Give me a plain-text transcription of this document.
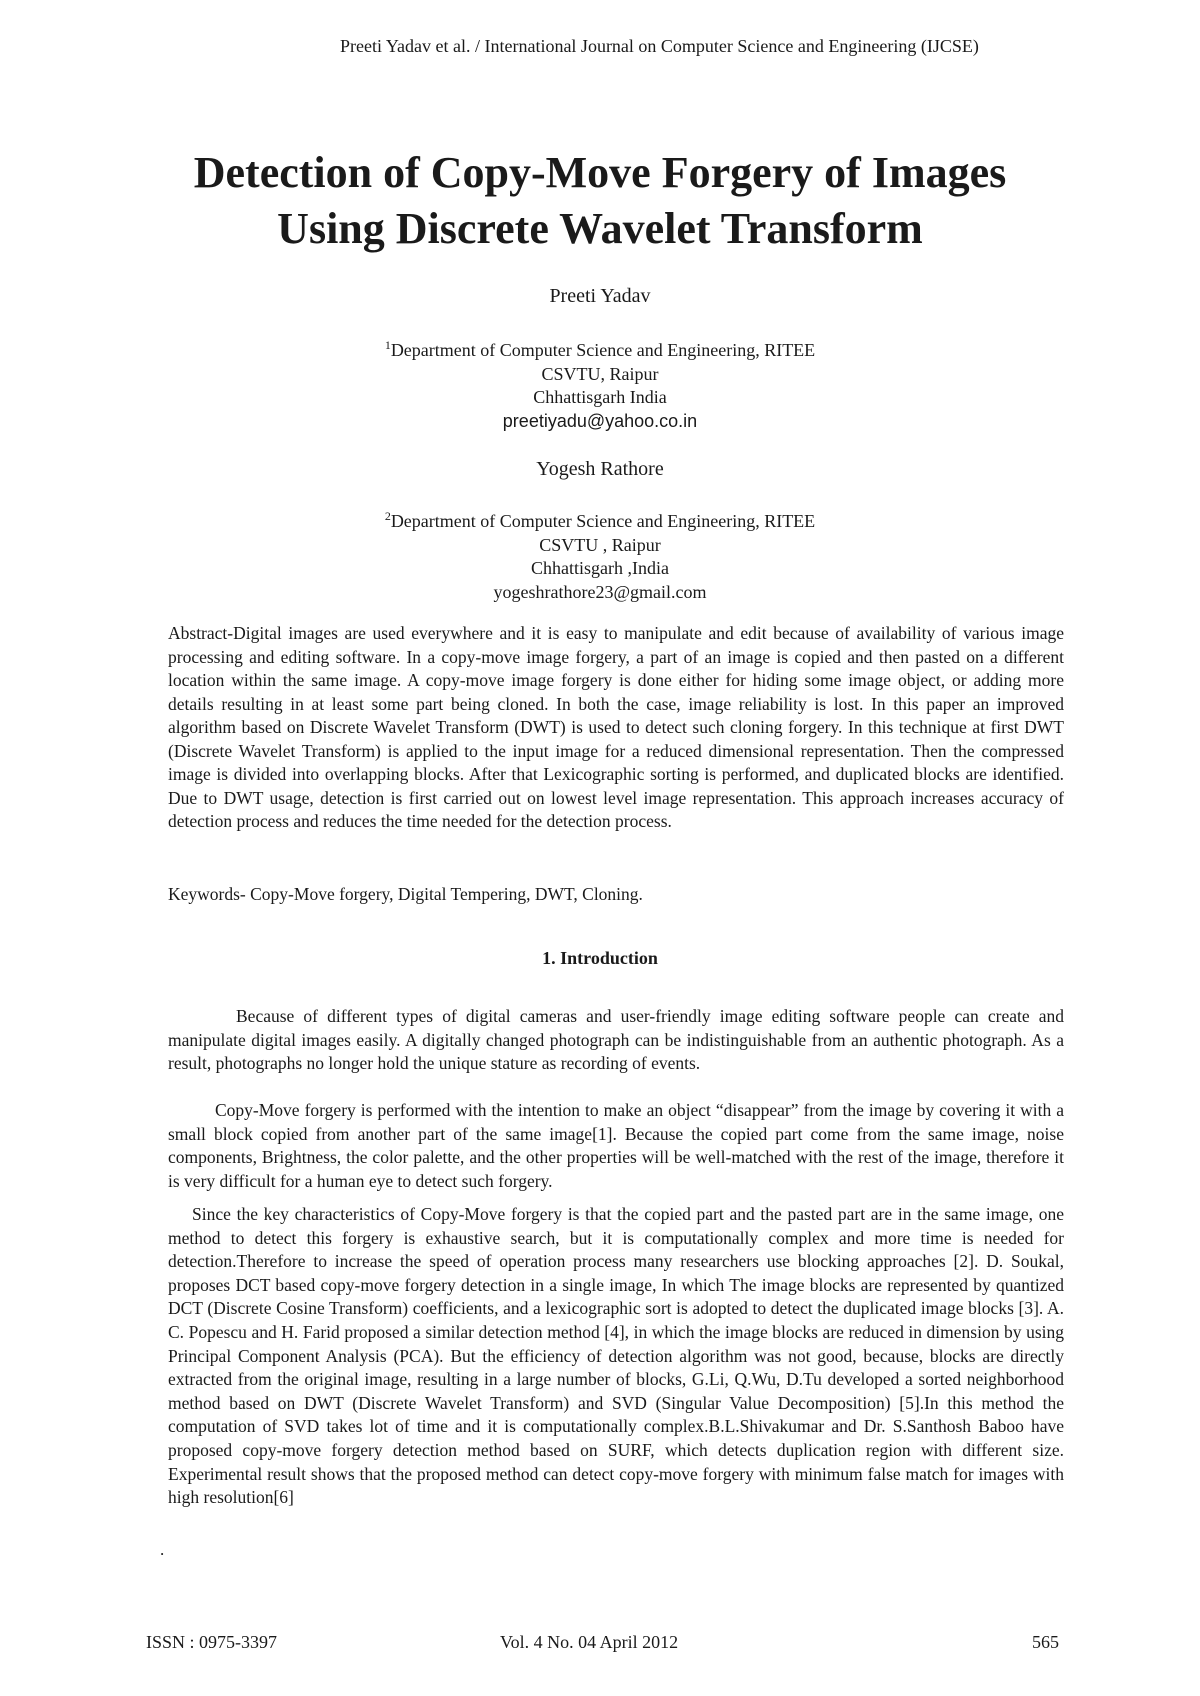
Preeti Yadav et al. / International Journal on Computer Science and Engineering (IJCSE)
Detection of Copy-Move Forgery of Images
Using Discrete Wavelet Transform
Preeti Yadav
$^1$Department of Computer Science and Engineering, RITEE
CSVTU, Raipur
Chhattisgarh India
preetiyadu@yahoo.co.in
Yogesh Rathore
$^2$Department of Computer Science and Engineering, RITEE
CSVTU , Raipur
Chhattisgarh ,India
yogeshrathore23@gmail.com
Abstract-Digital images are used everywhere and it is easy to manipulate and edit because of availability of various image processing and editing software. In a copy-move image forgery, a part of an image is copied and then pasted on a different location within the same image. A copy-move image forgery is done either for hiding some image object, or adding more details resulting in at least some part being cloned. In both the case, image reliability is lost. In this paper an improved algorithm based on Discrete Wavelet Transform (DWT) is used to detect such cloning forgery. In this technique at first DWT (Discrete Wavelet Transform) is applied to the input image for a reduced dimensional representation. Then the compressed image is divided into overlapping blocks. After that Lexicographic sorting is performed, and duplicated blocks are identified. Due to DWT usage, detection is first carried out on lowest level image representation. This approach increases accuracy of detection process and reduces the time needed for the detection process.
Keywords- Copy-Move forgery, Digital Tempering, DWT, Cloning.
1. Introduction
Because of different types of digital cameras and user-friendly image editing software people can create and manipulate digital images easily. A digitally changed photograph can be indistinguishable from an authentic photograph. As a result, photographs no longer hold the unique stature as recording of events.
Copy-Move forgery is performed with the intention to make an object “disappear” from the image by covering it with a small block copied from another part of the same image[1]. Because the copied part come from the same image, noise components, Brightness, the color palette, and the other properties will be well-matched with the rest of the image, therefore it is very difficult for a human eye to detect such forgery.
Since the key characteristics of Copy-Move forgery is that the copied part and the pasted part are in the same image, one method to detect this forgery is exhaustive search, but it is computationally complex and more time is needed for detection.Therefore to increase the speed of operation process many researchers use blocking approaches [2]. D. Soukal, proposes DCT based copy-move forgery detection in a single image, In which The image blocks are represented by quantized DCT (Discrete Cosine Transform) coefficients, and a lexicographic sort is adopted to detect the duplicated image blocks [3]. A. C. Popescu and H. Farid proposed a similar detection method [4], in which the image blocks are reduced in dimension by using Principal Component Analysis (PCA). But the efficiency of detection algorithm was not good, because, blocks are directly extracted from the original image, resulting in a large number of blocks, G.Li, Q.Wu, D.Tu developed a sorted neighborhood method based on DWT (Discrete Wavelet Transform) and SVD (Singular Value Decomposition) [5].In this method the computation of SVD takes lot of time and it is computationally complex.B.L.Shivakumar and Dr. S.Santhosh Baboo have proposed copy-move forgery detection method based on SURF, which detects duplication region with different size. Experimental result shows that the proposed method can detect copy-move forgery with minimum false match for images with high resolution[6]
.
ISSN : 0975-3397	Vol. 4 No. 04 April 2012	565
